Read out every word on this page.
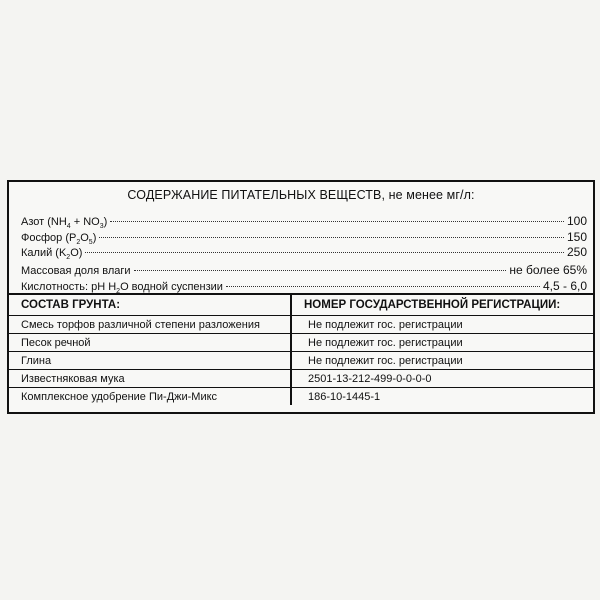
СОДЕРЖАНИЕ ПИТАТЕЛЬНЫХ ВЕЩЕСТВ, не менее мг/л:
Азот $(NH_4 + NO_3)$	100
Фосфор $(P_2O_5)$	150
Калий $(K_2O)$	250
Массовая доля влаги	не более 65%
Кислотность: pH $H_2O$ водной суспензии	4,5 - 6,0
СОСТАВ ГРУНТА:	НОМЕР ГОСУДАРСТВЕННОЙ РЕГИСТРАЦИИ:
Смесь торфов различной степени разложения	Не подлежит гос. регистрации
Песок речной	Не подлежит гос. регистрации
Глина	Не подлежит гос. регистрации
Известняковая мука	2501-13-212-499-0-0-0-0
Комплексное удобрение Пи-Джи-Микс	186-10-1445-1
